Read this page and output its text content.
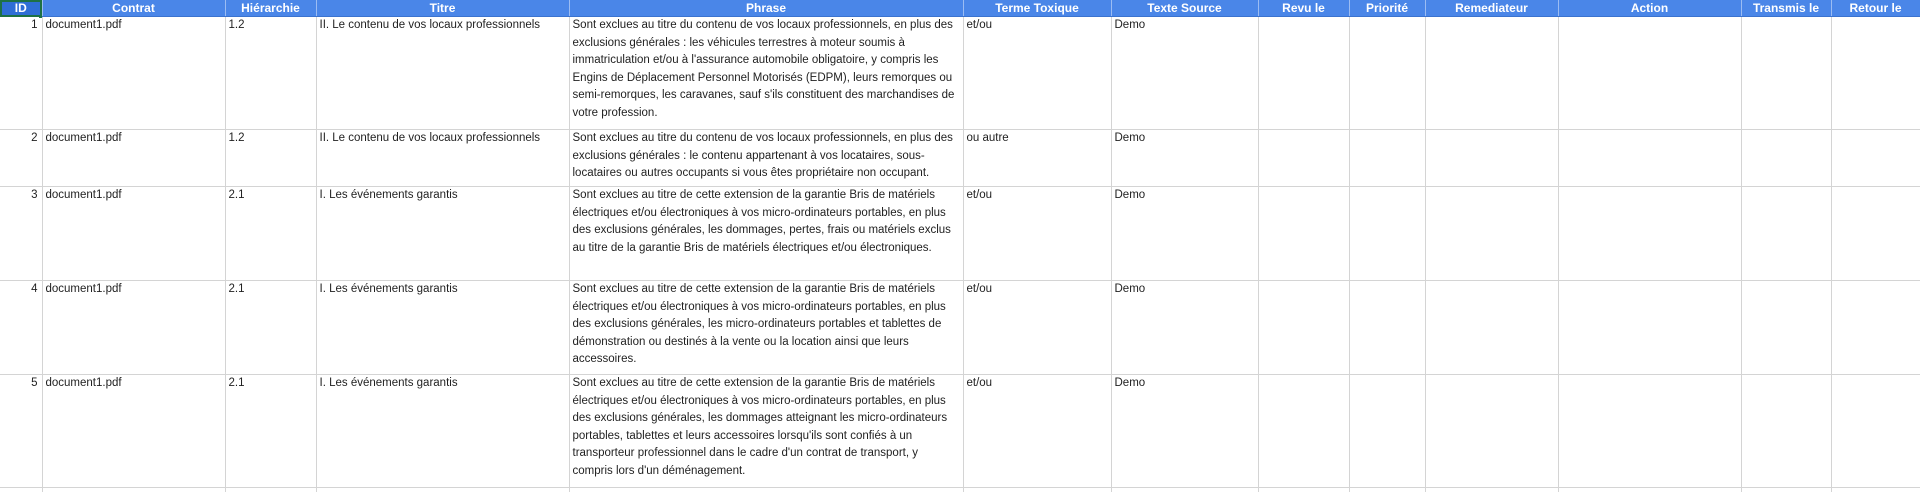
ID	Contrat	Hiérarchie	Titre	Phrase	Terme Toxique	Texte Source	Revu le	Priorité	Remediateur	Action	Transmis le	Retour le
1	document1.pdf	1.2	II. Le contenu de vos locaux professionnels	Sont exclues au titre du contenu de vos locaux professionnels, en plus des exclusions générales : les véhicules terrestres à moteur soumis à immatriculation et/ou à l'assurance automobile obligatoire, y compris les Engins de Déplacement Personnel Motorisés (EDPM), leurs remorques ou semi-remorques, les caravanes, sauf s'ils constituent des marchandises de votre profession.	et/ou	Demo						
2	document1.pdf	1.2	II. Le contenu de vos locaux professionnels	Sont exclues au titre du contenu de vos locaux professionnels, en plus des exclusions générales : le contenu appartenant à vos locataires, sous-locataires ou autres occupants si vous êtes propriétaire non occupant.	ou autre	Demo						
3	document1.pdf	2.1	I. Les événements garantis	Sont exclues au titre de cette extension de la garantie Bris de matériels électriques et/ou électroniques à vos micro-ordinateurs portables, en plus des exclusions générales, les dommages, pertes, frais ou matériels exclus au titre de la garantie Bris de matériels électriques et/ou électroniques.	et/ou	Demo						
4	document1.pdf	2.1	I. Les événements garantis	Sont exclues au titre de cette extension de la garantie Bris de matériels électriques et/ou électroniques à vos micro-ordinateurs portables, en plus des exclusions générales, les micro-ordinateurs portables et tablettes de démonstration ou destinés à la vente ou la location ainsi que leurs accessoires.	et/ou	Demo						
5	document1.pdf	2.1	I. Les événements garantis	Sont exclues au titre de cette extension de la garantie Bris de matériels électriques et/ou électroniques à vos micro-ordinateurs portables, en plus des exclusions générales, les dommages atteignant les micro-ordinateurs portables, tablettes et leurs accessoires lorsqu'ils sont confiés à un transporteur professionnel dans le cadre d'un contrat de transport, y compris lors d'un déménagement.	et/ou	Demo						
